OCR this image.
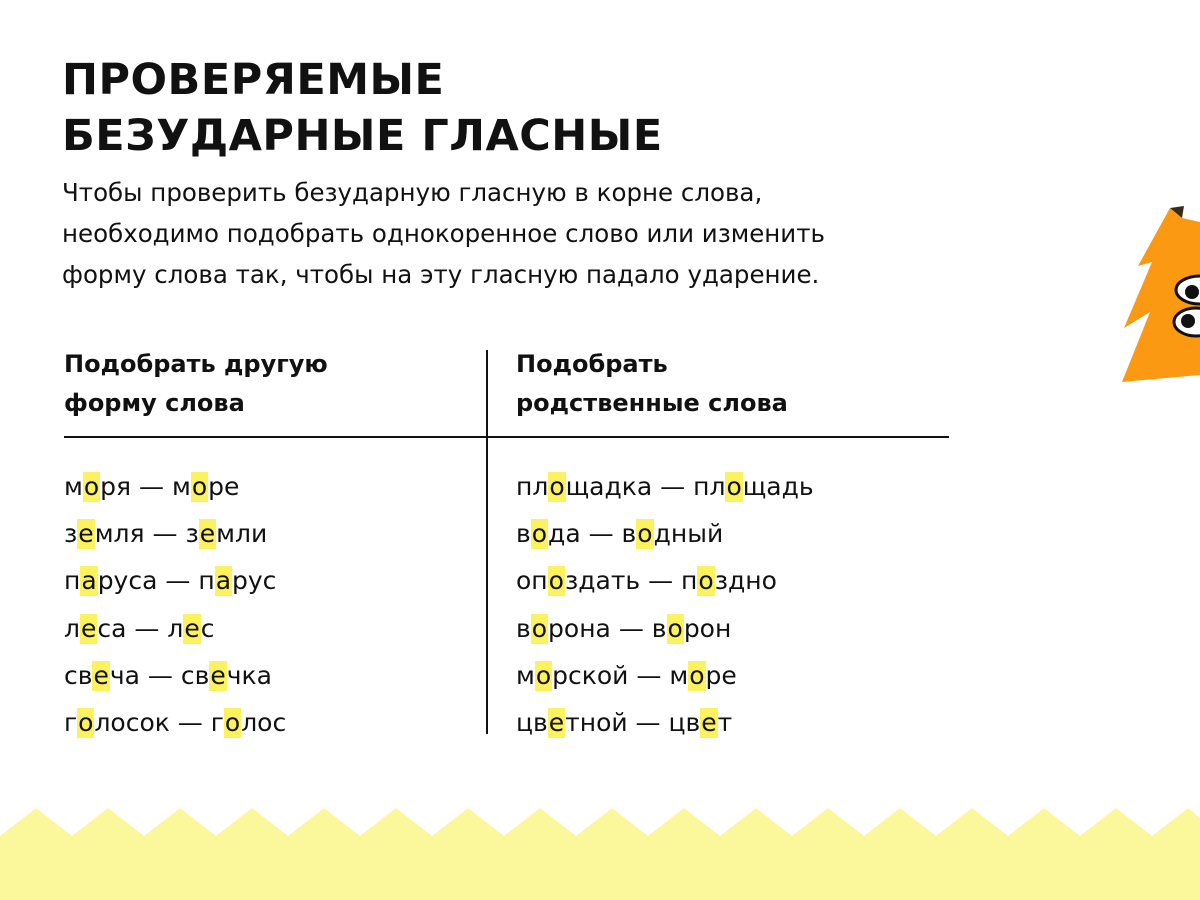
ПРОВЕРЯЕМЫЕ
БЕЗУДАРНЫЕ ГЛАСНЫЕ

Чтобы проверить безударную гласную в корне слова,
необходимо подобрать однокоренное слово или изменить
форму слова так, чтобы на эту гласную падало ударение.

Подобрать другую
форму слова
Подобрать
родственные слова
моря — море
земля — земли
паруса — парус
леса — лес
свеча — свечка
голосок — голос
площадка — площадь
вода — водный
опоздать — поздно
ворона — ворон
морской — море
цветной — цвет
